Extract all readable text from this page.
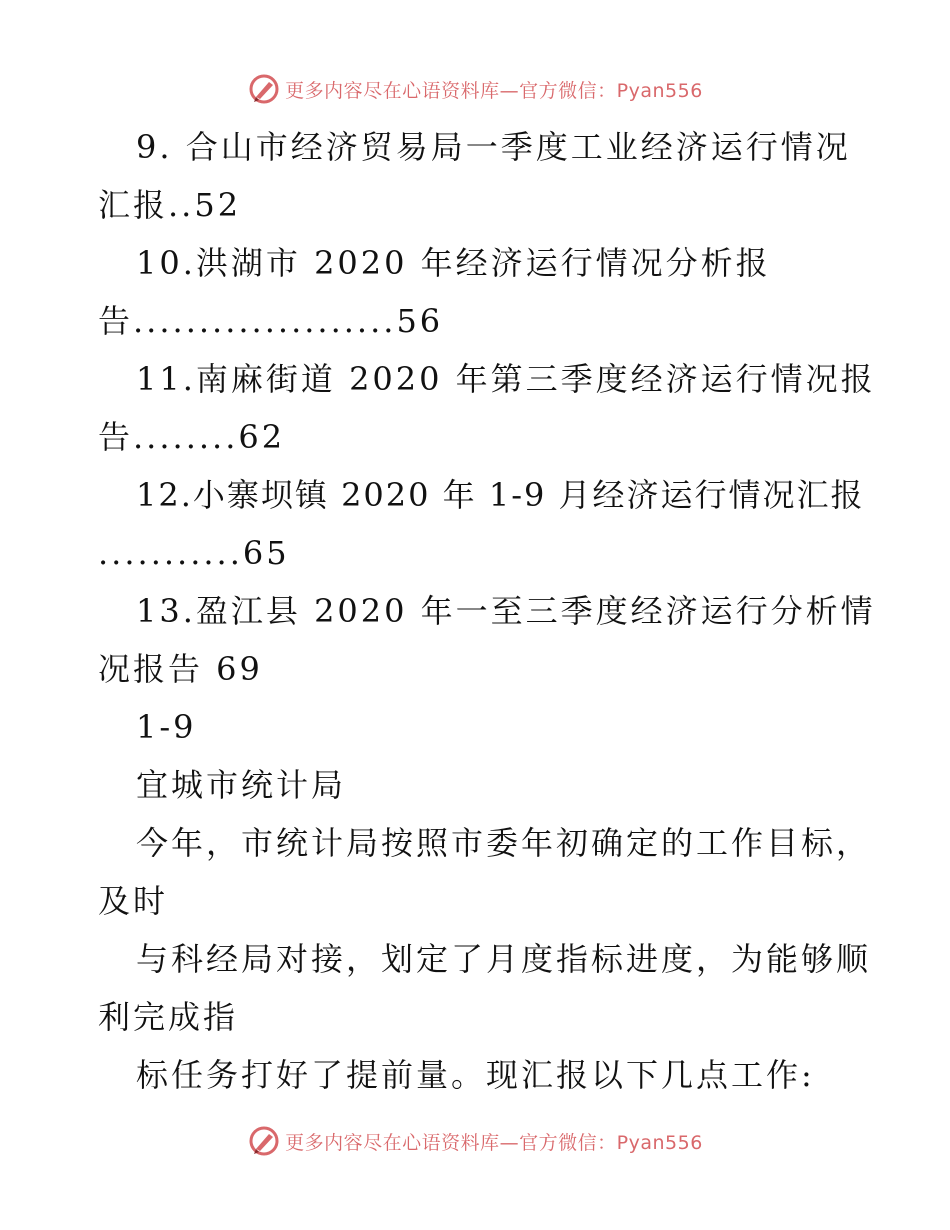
更多内容尽在心语资料库—官方微信：Pyan556
9. 合山市经济贸易局一季度工业经济运行情况
汇报..52
10.洪湖市 2020 年经济运行情况分析报
告....................56
11.南麻街道 2020 年第三季度经济运行情况报
告........62
12.小寨坝镇 2020 年 1-9 月经济运行情况汇报
...........65
13.盈江县 2020 年一至三季度经济运行分析情
况报告 69
1-9
宜城市统计局
今年，市统计局按照市委年初确定的工作目标，
及时
与科经局对接，划定了月度指标进度，为能够顺
利完成指
标任务打好了提前量。现汇报以下几点工作:
更多内容尽在心语资料库—官方微信：Pyan556
